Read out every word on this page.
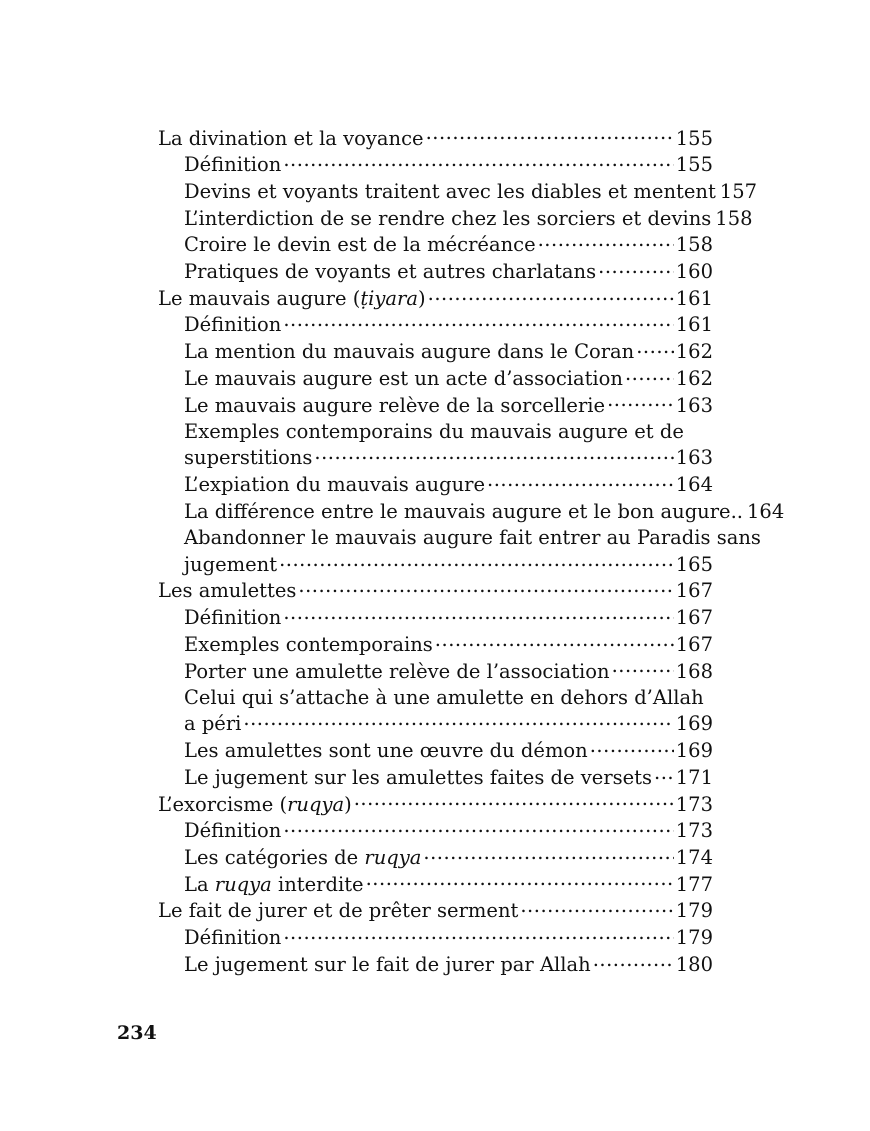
La divination et la voyance .....	155
Définition .....	155
Devins et voyants traitent avec les diables et mentent 157
L’interdiction de se rendre chez les sorciers et devins 158
Croire le devin est de la mécréance .....	158
Pratiques de voyants et autres charlatans .....	160
Le mauvais augure (ṭiyara) .....	161
Définition .....	161
La mention du mauvais augure dans le Coran ..... 162
Le mauvais augure est un acte d’association .....	162
Le mauvais augure relève de la sorcellerie .....	163
Exemples contemporains du mauvais augure et de
superstitions .....	163
L’expiation du mauvais augure .....	164
La différence entre le mauvais augure et le bon augure.. 164
Abandonner le mauvais augure fait entrer au Paradis sans
jugement .....	165
Les amulettes .....	167
Définition .....	167
Exemples contemporains .....	167
Porter une amulette relève de l’association .....	168
Celui qui s’attache à une amulette en dehors d’Allah
a péri .....	169
Les amulettes sont une œuvre du démon .....	169
Le jugement sur les amulettes faites de versets ..... 171
L’exorcisme (ruqya) .....	173
Définition .....	173
Les catégories de ruqya .....	174
La ruqya interdite .....	177
Le fait de jurer et de prêter serment .....	179
Définition .....	179
Le jugement sur le fait de jurer par Allah .....	180
234
